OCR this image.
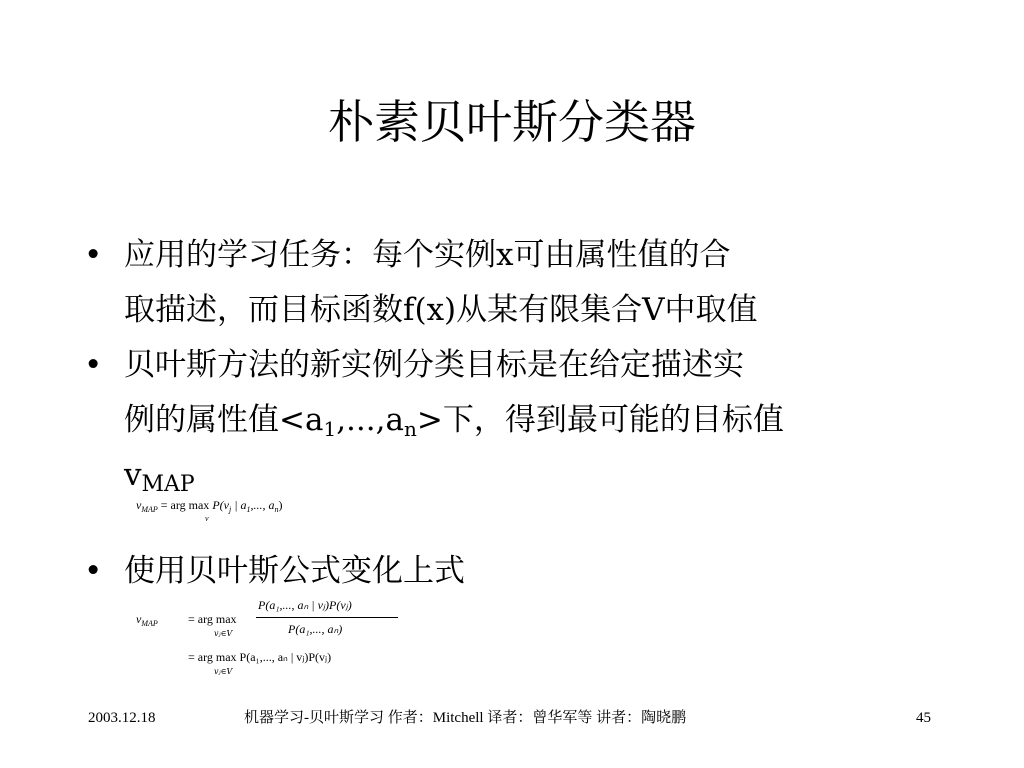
朴素贝叶斯分类器
• 应用的学习任务：每个实例x可由属性值的合
取描述，而目标函数f(x)从某有限集合V中取值
• 贝叶斯方法的新实例分类目标是在给定描述实
例的属性值$<a_1,...,a_n>$下，得到最可能的目标值
$v_{MAP}$
$v_{MAP}$ = arg $\max P(v_j$ | $a_1$,..., $a_n$)
v
• 使用贝叶斯公式变化上式
$v_{MAP}$	= arg max
vⱼ∈V
P(a₁,..., aₙ | vⱼ)P(vⱼ)
P(a₁,..., aₙ)
= arg max P(a₁,..., aₙ | vⱼ)P(vⱼ)
vⱼ∈V
2003.12.18	机器学习-贝叶斯学习 作者：Mitchell 译者：曾华军等 讲者：陶晓鹏	45
